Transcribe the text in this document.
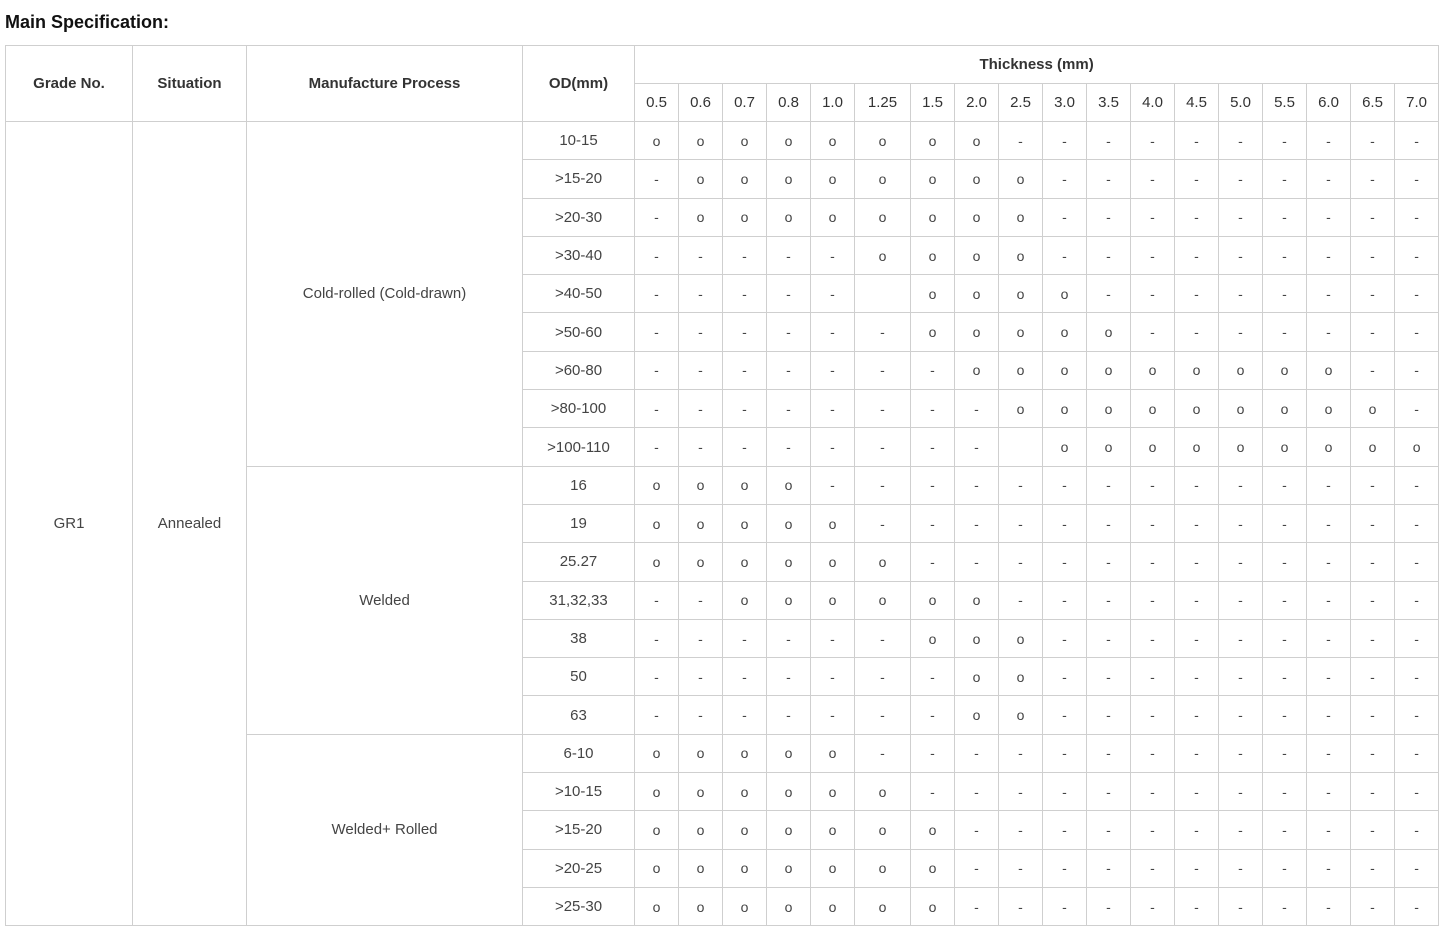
Main Specification:
Grade No.	Situation	Manufacture Process	OD(mm)	Thickness (mm)																	
				0.5	0.6	0.7	0.8	1.0	1.25	1.5	2.0	2.5	3.0	3.5	4.0	4.5	5.0	5.5	6.0	6.5	7.0
GR1	Annealed	Cold-rolled (Cold-drawn)	10-15	o	o	o	o	o	o	o	o	-	-	-	-	-	-	-	-	-	-
			>15-20	-	o	o	o	o	o	o	o	o	-	-	-	-	-	-	-	-	-
			>20-30	-	o	o	o	o	o	o	o	o	-	-	-	-	-	-	-	-	-
			>30-40	-	-	-	-	-	o	o	o	o	-	-	-	-	-	-	-	-	-
			>40-50	-	-	-	-	-		o	o	o	o	-	-	-	-	-	-	-	-
			>50-60	-	-	-	-	-	-	o	o	o	o	o	-	-	-	-	-	-	-
			>60-80	-	-	-	-	-	-	-	o	o	o	o	o	o	o	o	o	-	-
			>80-100	-	-	-	-	-	-	-	-	o	o	o	o	o	o	o	o	o	-
			>100-110	-	-	-	-	-	-	-	-		o	o	o	o	o	o	o	o	o
		Welded	16	o	o	o	o	-	-	-	-	-	-	-	-	-	-	-	-	-	-
			19	o	o	o	o	o	-	-	-	-	-	-	-	-	-	-	-	-	-
			25.27	o	o	o	o	o	o	-	-	-	-	-	-	-	-	-	-	-	-
			31,32,33	-	-	o	o	o	o	o	o	-	-	-	-	-	-	-	-	-	-
			38	-	-	-	-	-	-	o	o	o	-	-	-	-	-	-	-	-	-
			50	-	-	-	-	-	-	-	o	o	-	-	-	-	-	-	-	-	-
			63	-	-	-	-	-	-	-	o	o	-	-	-	-	-	-	-	-	-
		Welded+ Rolled	6-10	o	o	o	o	o	-	-	-	-	-	-	-	-	-	-	-	-	-
			>10-15	o	o	o	o	o	o	-	-	-	-	-	-	-	-	-	-	-	-
			>15-20	o	o	o	o	o	o	o	-	-	-	-	-	-	-	-	-	-	-
			>20-25	o	o	o	o	o	o	o	-	-	-	-	-	-	-	-	-	-	-
			>25-30	o	o	o	o	o	o	o	-	-	-	-	-	-	-	-	-	-	-
